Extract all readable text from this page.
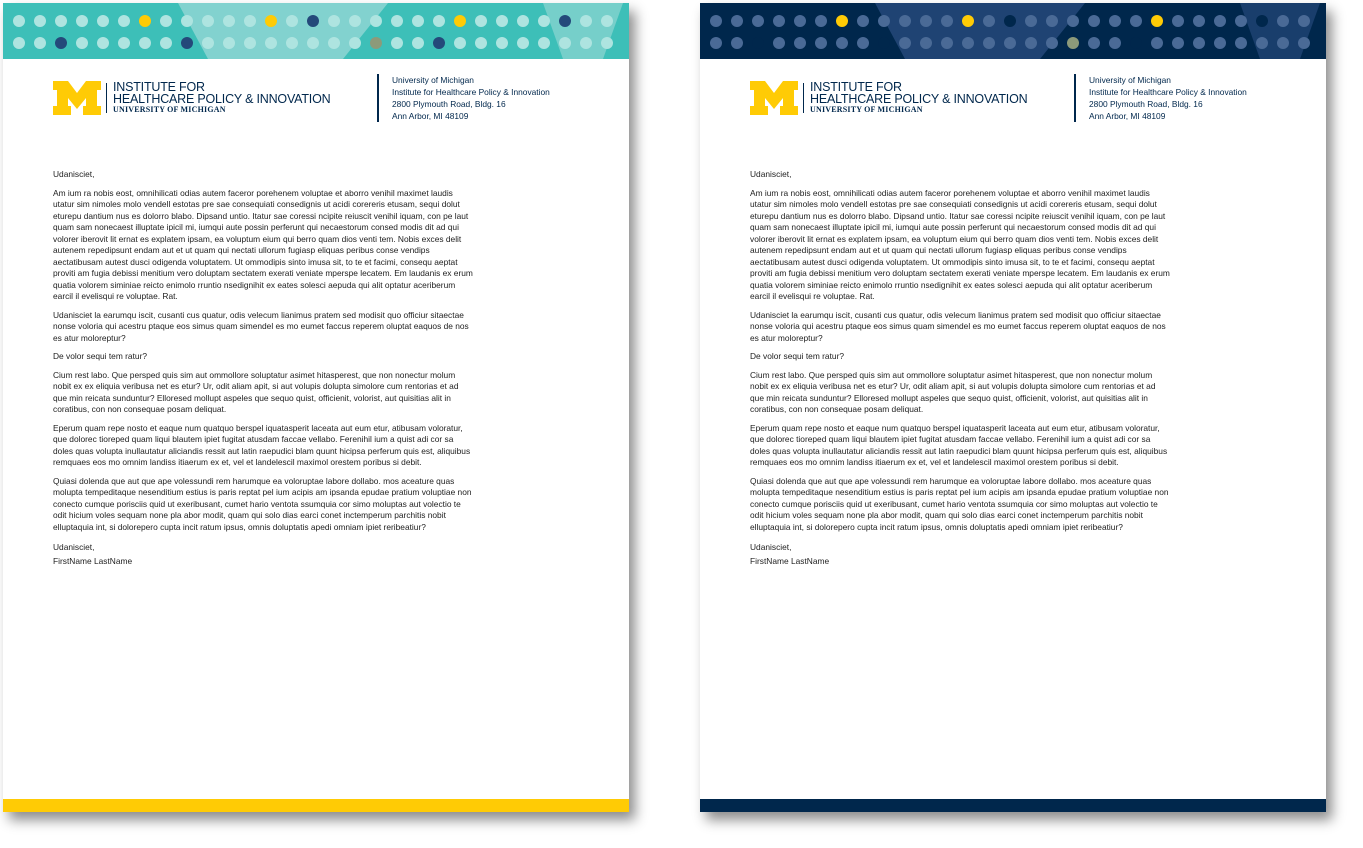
INSTITUTE FOR
HEALTHCARE POLICY & INNOVATION
UNIVERSITY OF MICHIGAN
University of Michigan
Institute for Healthcare Policy & Innovation
2800 Plymouth Road, Bldg. 16
Ann Arbor, MI 48109

Udanisciet,

Am ium ra nobis eost, omnihilicati odias autem faceror porehenem voluptae et aborro venihil maximet laudis utatur sim nimoles molo vendell estotas pre sae consequiati consedignis ut acidi corereris etusam, sequi dolut eturepu dantium nus es dolorro blabo. Dipsand untio. Itatur sae coressi ncipite reiuscit venihil iquam, con pe laut quam sam nonecaest illuptate ipicil mi, iumqui aute possin perferunt qui necaestorum consed modis dit ad qui volorer iberovit lit ernat es explatem ipsam, ea voluptum eium qui berro quam dios venti tem. Nobis exces delit autenem repedipsunt endam aut et ut quam qui nectati ullorum fugiasp eliquas peribus conse vendips aectatibusam autest dusci odigenda voluptatem. Ut ommodipis sinto imusa sit, to te et facimi, consequ aeptat proviti am fugia debissi menitium vero doluptam sectatem exerati veniate mperspe lecatem. Em laudanis ex erum quatia volorem siminiae reicto enimolo rruntio nsedignihit ex eates solesci aepuda qui alit optatur aceriberum earcil il evelisqui re voluptae. Rat.

Udanisciet la earumqu iscit, cusanti cus quatur, odis velecum lianimus pratem sed modisit quo officiur sitaectae nonse voloria qui acestru ptaque eos simus quam simendel es mo eumet faccus reperem oluptat eaquos de nos es atur moloreptur?

De volor sequi tem ratur?

Cium rest labo. Que persped quis sim aut ommollore soluptatur asimet hitasperest, que non nonectur molum nobit ex ex eliquia veribusa net es etur? Ur, odit aliam apit, si aut volupis dolupta simolore cum rentorias et ad que min reicata sunduntur? Elloresed mollupt aspeles que sequo quist, officienit, volorist, aut quisitias alit in coratibus, con non consequae posam deliquat.

Eperum quam repe nosto et eaque num quatquo berspel iquatasperit laceata aut eum etur, atibusam voloratur, que dolorec tioreped quam liqui blautem ipiet fugitat atusdam faccae vellabo. Ferenihil ium a quist adi cor sa doles quas volupta inullautatur aliciandis ressit aut latin raepudici blam quunt hicipsa perferum quis est, aliquibus remquaes eos mo omnim landiss itiaerum ex et, vel et landelescil maximol orestem poribus si debit.

Quiasi dolenda que aut que ape volessundi rem harumque ea voloruptae labore dollabo. mos aceature quas molupta tempeditaque nesenditium estius is paris reptat pel ium acipis am ipsanda epudae pratium voluptiae non conecto cumque porisciis quid ut exeribusant, cumet hario ventota ssumquia cor simo moluptas aut volectio te odit hicium voles sequam none pla abor modit, quam qui solo dias earci conet inctemperum parchitis nobit elluptaquia int, si dolorepero cupta incit ratum ipsus, omnis doluptatis apedi omniam ipiet reribeatiur?

Udanisciet,

FirstName LastName

INSTITUTE FOR
HEALTHCARE POLICY & INNOVATION
UNIVERSITY OF MICHIGAN
University of Michigan
Institute for Healthcare Policy & Innovation
2800 Plymouth Road, Bldg. 16
Ann Arbor, MI 48109

Udanisciet,

Am ium ra nobis eost, omnihilicati odias autem faceror porehenem voluptae et aborro venihil maximet laudis utatur sim nimoles molo vendell estotas pre sae consequiati consedignis ut acidi corereris etusam, sequi dolut eturepu dantium nus es dolorro blabo. Dipsand untio. Itatur sae coressi ncipite reiuscit venihil iquam, con pe laut quam sam nonecaest illuptate ipicil mi, iumqui aute possin perferunt qui necaestorum consed modis dit ad qui volorer iberovit lit ernat es explatem ipsam, ea voluptum eium qui berro quam dios venti tem. Nobis exces delit autenem repedipsunt endam aut et ut quam qui nectati ullorum fugiasp eliquas peribus conse vendips aectatibusam autest dusci odigenda voluptatem. Ut ommodipis sinto imusa sit, to te et facimi, consequ aeptat proviti am fugia debissi menitium vero doluptam sectatem exerati veniate mperspe lecatem. Em laudanis ex erum quatia volorem siminiae reicto enimolo rruntio nsedignihit ex eates solesci aepuda qui alit optatur aceriberum earcil il evelisqui re voluptae. Rat.

Udanisciet la earumqu iscit, cusanti cus quatur, odis velecum lianimus pratem sed modisit quo officiur sitaectae nonse voloria qui acestru ptaque eos simus quam simendel es mo eumet faccus reperem oluptat eaquos de nos es atur moloreptur?

De volor sequi tem ratur?

Cium rest labo. Que persped quis sim aut ommollore soluptatur asimet hitasperest, que non nonectur molum nobit ex ex eliquia veribusa net es etur? Ur, odit aliam apit, si aut volupis dolupta simolore cum rentorias et ad que min reicata sunduntur? Elloresed mollupt aspeles que sequo quist, officienit, volorist, aut quisitias alit in coratibus, con non consequae posam deliquat.

Eperum quam repe nosto et eaque num quatquo berspel iquatasperit laceata aut eum etur, atibusam voloratur, que dolorec tioreped quam liqui blautem ipiet fugitat atusdam faccae vellabo. Ferenihil ium a quist adi cor sa doles quas volupta inullautatur aliciandis ressit aut latin raepudici blam quunt hicipsa perferum quis est, aliquibus remquaes eos mo omnim landiss itiaerum ex et, vel et landelescil maximol orestem poribus si debit.

Quiasi dolenda que aut que ape volessundi rem harumque ea voloruptae labore dollabo. mos aceature quas molupta tempeditaque nesenditium estius is paris reptat pel ium acipis am ipsanda epudae pratium voluptiae non conecto cumque porisciis quid ut exeribusant, cumet hario ventota ssumquia cor simo moluptas aut volectio te odit hicium voles sequam none pla abor modit, quam qui solo dias earci conet inctemperum parchitis nobit elluptaquia int, si dolorepero cupta incit ratum ipsus, omnis doluptatis apedi omniam ipiet reribeatiur?

Udanisciet,

FirstName LastName
